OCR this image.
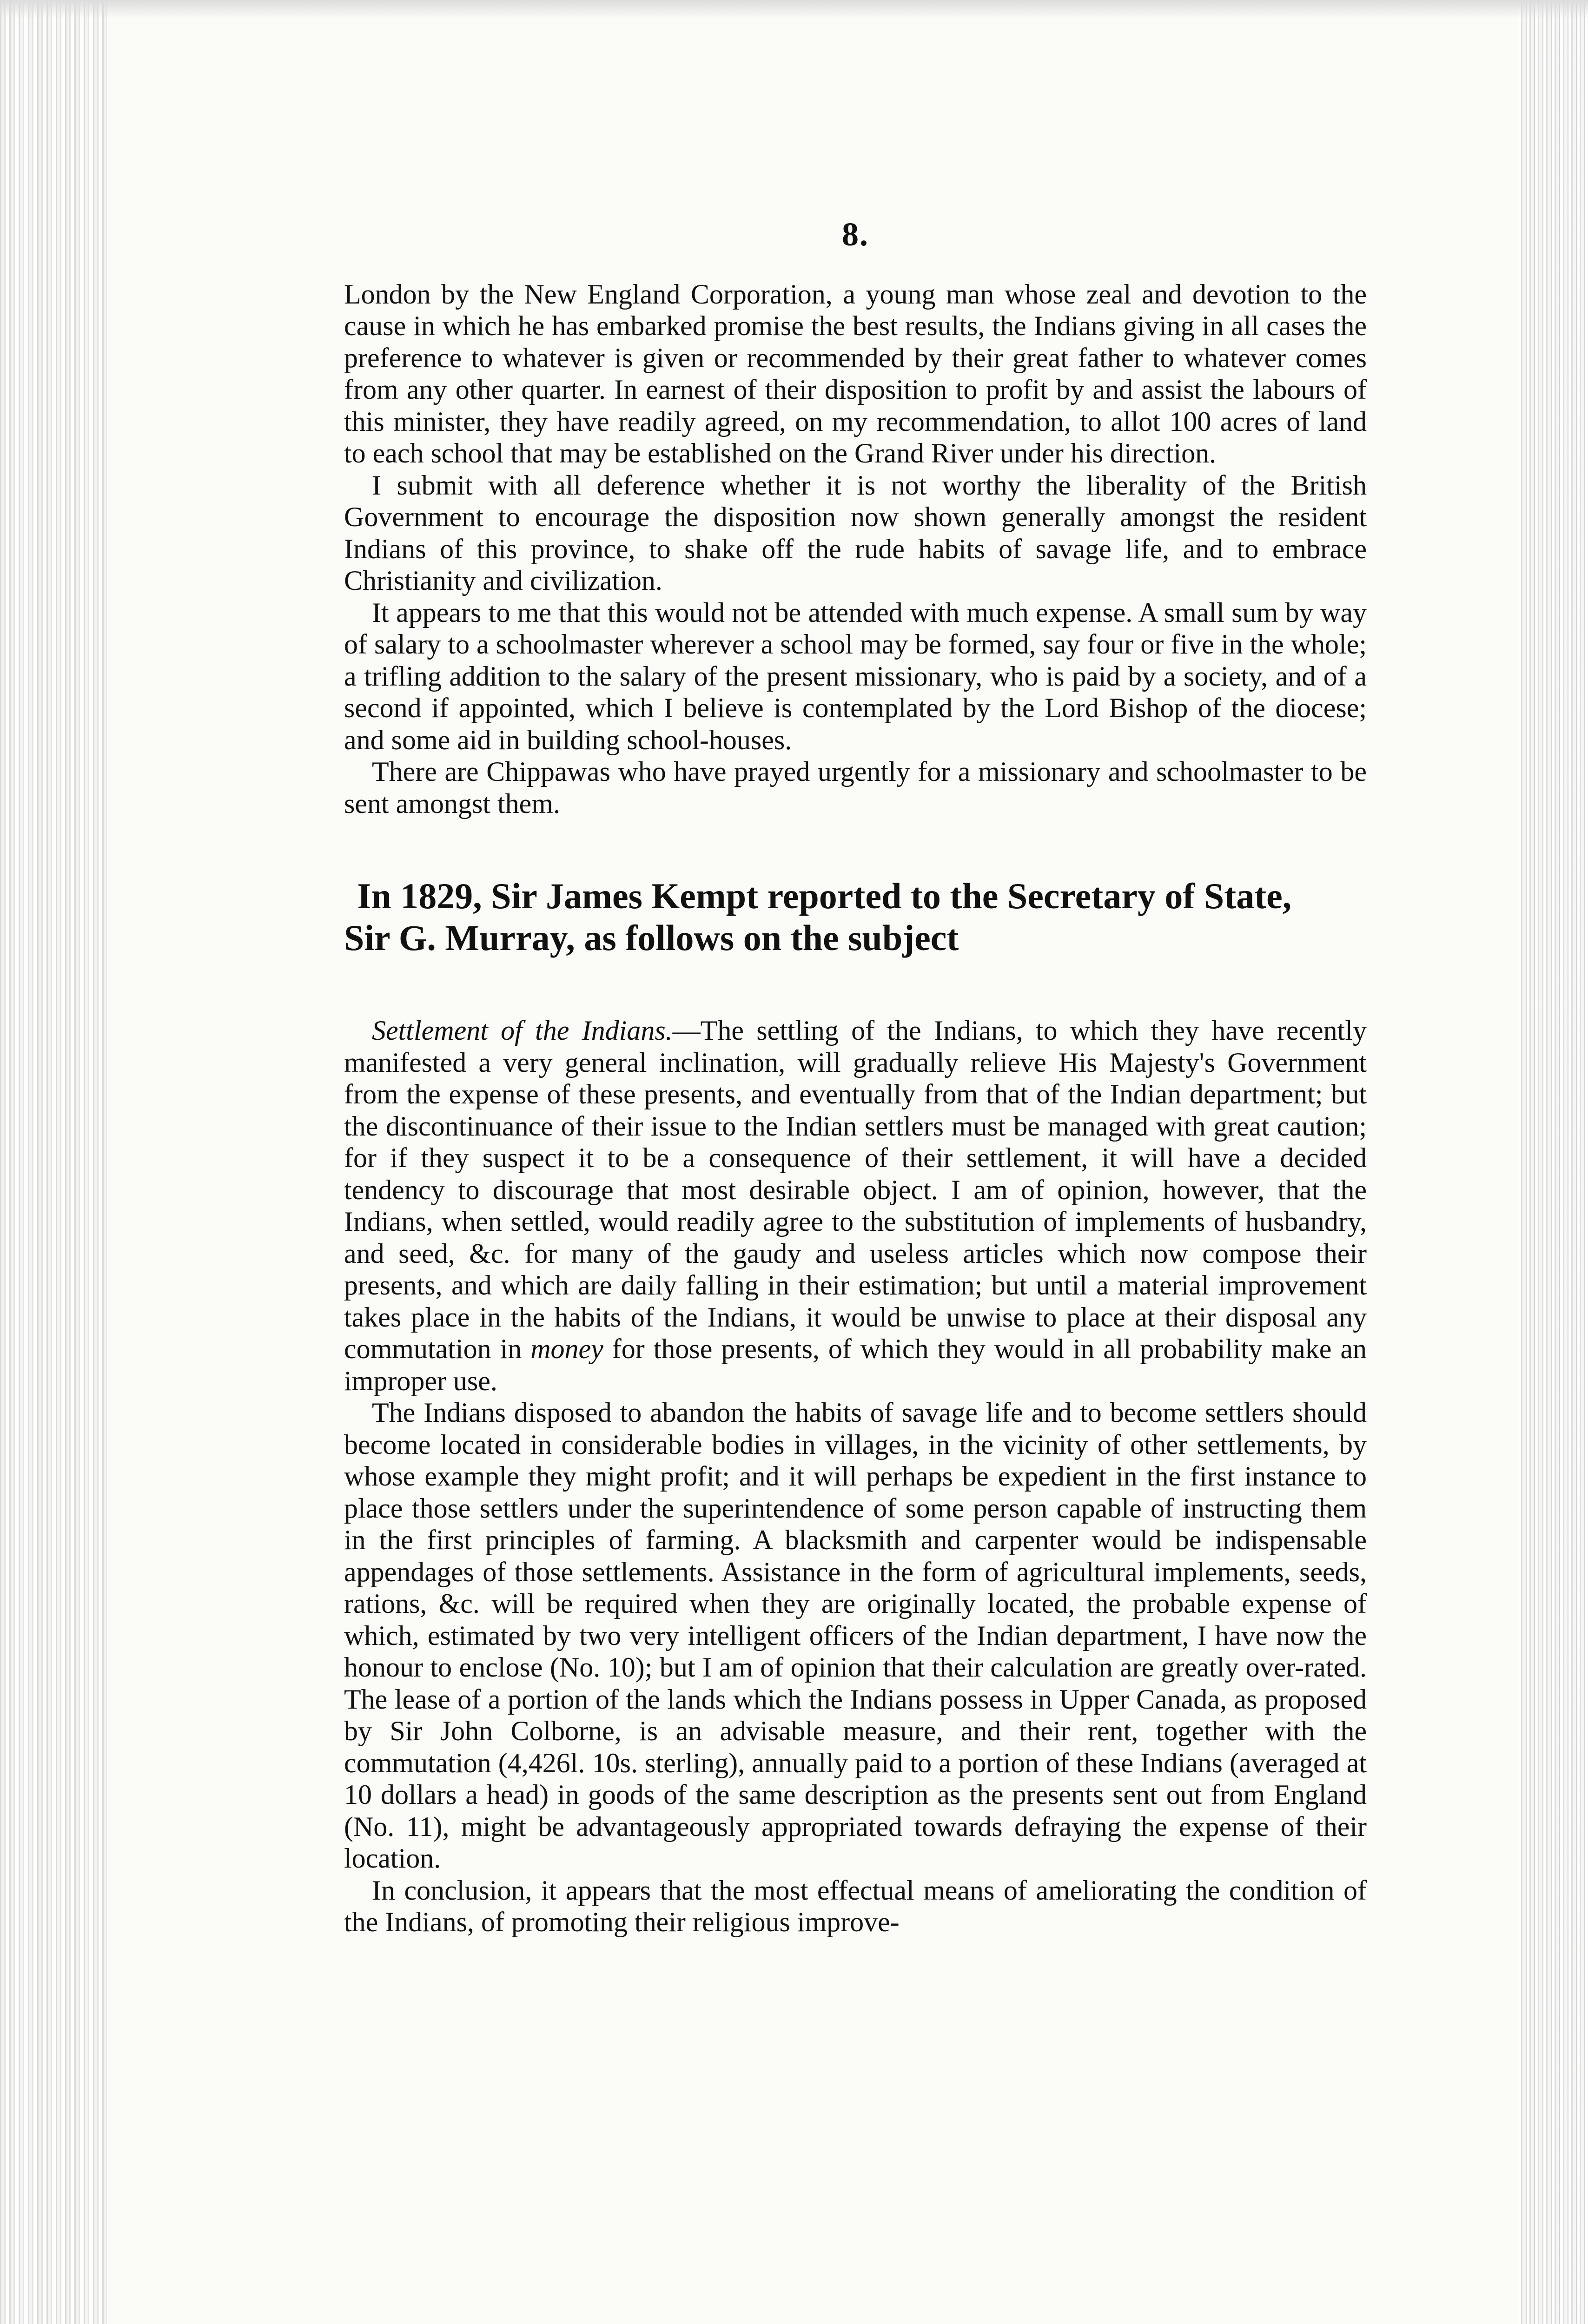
8.

London by the New England Corporation, a young man whose zeal and devotion to the cause in which he has embarked promise the best results, the Indians giving in all cases the preference to whatever is given or recommended by their great father to whatever comes from any other quarter. In earnest of their disposition to profit by and assist the labours of this minister, they have readily agreed, on my recommendation, to allot 100 acres of land to each school that may be established on the Grand River under his direction.

I submit with all deference whether it is not worthy the liberality of the British Government to encourage the disposition now shown generally amongst the resident Indians of this province, to shake off the rude habits of savage life, and to embrace Christianity and civilization.

It appears to me that this would not be attended with much expense. A small sum by way of salary to a schoolmaster wherever a school may be formed, say four or five in the whole; a trifling addition to the salary of the present missionary, who is paid by a society, and of a second if appointed, which I believe is contemplated by the Lord Bishop of the diocese; and some aid in building school-houses.

There are Chippawas who have prayed urgently for a missionary and schoolmaster to be sent amongst them.

In 1829, Sir James Kempt reported to the Secretary of State,
Sir G. Murray, as follows on the subject

Settlement of the Indians.—The settling of the Indians, to which they have recently manifested a very general inclination, will gradually relieve His Majesty's Government from the expense of these presents, and eventually from that of the Indian department; but the discontinuance of their issue to the Indian settlers must be managed with great caution; for if they suspect it to be a consequence of their settlement, it will have a decided tendency to discourage that most desirable object. I am of opinion, however, that the Indians, when settled, would readily agree to the substitution of implements of husbandry, and seed, &c. for many of the gaudy and useless articles which now compose their presents, and which are daily falling in their estimation; but until a material improvement takes place in the habits of the Indians, it would be unwise to place at their disposal any commutation in money for those presents, of which they would in all probability make an improper use.

The Indians disposed to abandon the habits of savage life and to become settlers should become located in considerable bodies in villages, in the vicinity of other settlements, by whose example they might profit; and it will perhaps be expedient in the first instance to place those settlers under the superintendence of some person capable of instructing them in the first principles of farming. A blacksmith and carpenter would be indispensable appendages of those settlements. Assistance in the form of agricultural implements, seeds, rations, &c. will be required when they are originally located, the probable expense of which, estimated by two very intelligent officers of the Indian department, I have now the honour to enclose (No. 10); but I am of opinion that their calculation are greatly over-rated. The lease of a portion of the lands which the Indians possess in Upper Canada, as proposed by Sir John Colborne, is an advisable measure, and their rent, together with the commutation (4,426l. 10s. sterling), annually paid to a portion of these Indians (averaged at 10 dollars a head) in goods of the same description as the presents sent out from England (No. 11), might be advantageously appropriated towards defraying the expense of their location.

In conclusion, it appears that the most effectual means of ameliorating the condition of the Indians, of promoting their religious improve-
